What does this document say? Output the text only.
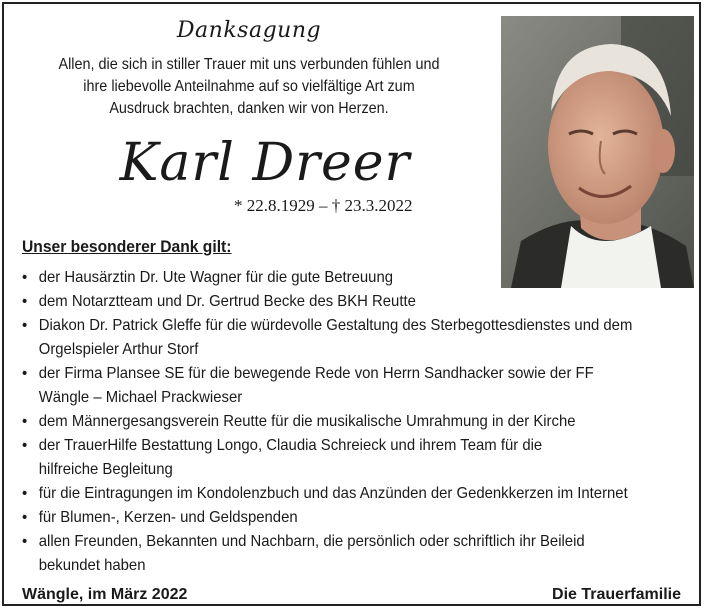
Danksagung
Allen, die sich in stiller Trauer mit uns verbunden fühlen und ihre liebevolle Anteilnahme auf so vielfältige Art zum Ausdruck brachten, danken wir von Herzen.
Karl Dreer
* 22.8.1929 – † 23.3.2022
Unser besonderer Dank gilt:
• der Hausärztin Dr. Ute Wagner für die gute Betreuung
• dem Notarztteam und Dr. Gertrud Becke des BKH Reutte
• Diakon Dr. Patrick Gleffe für die würdevolle Gestaltung des Sterbegottesdienstes und dem Orgelspieler Arthur Storf
• der Firma Plansee SE für die bewegende Rede von Herrn Sandhacker sowie der FF Wängle – Michael Prackwieser
• dem Männergesangsverein Reutte für die musikalische Umrahmung in der Kirche
• der TrauerHilfe Bestattung Longo, Claudia Schreieck und ihrem Team für die hilfreiche Begleitung
• für die Eintragungen im Kondolenzbuch und das Anzünden der Gedenkkerzen im Internet
• für Blumen-, Kerzen- und Geldspenden
• allen Freunden, Bekannten und Nachbarn, die persönlich oder schriftlich ihr Beileid bekundet haben
Wängle, im März 2022	Die Trauerfamilie
